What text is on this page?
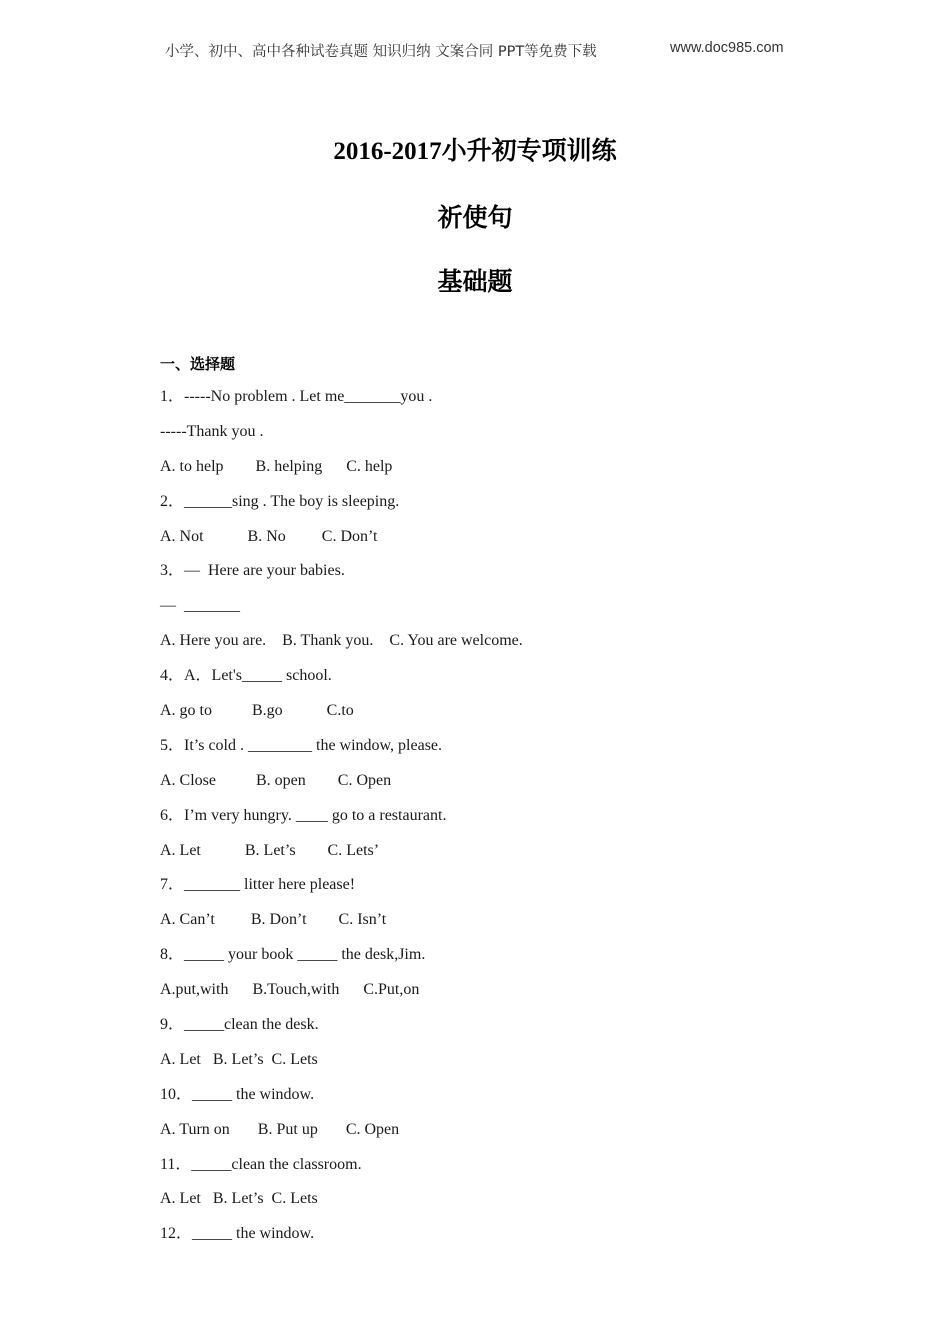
小学、初中、高中各种试卷真题 知识归纳 文案合同 PPT等免费下载	www.doc985.com
2016-2017小升初专项训练
祈使句
基础题
一、选择题
1．-----No problem . Let me_______you .
-----Thank you .
A. to help        B. helping      C. help
2．______sing . The boy is sleeping.
A. Not           B. No         C. Don’t
3．—  Here are your babies.
—  _______
A. Here you are.    B. Thank you.    C. You are welcome.
4．A．Let's_____ school.
A. go to          B.go           C.to
5．It’s cold . ________ the window, please.
A. Close          B. open        C. Open
6．I’m very hungry. ____ go to a restaurant.
A. Let           B. Let’s        C. Lets’
7．_______ litter here please!
A. Can’t         B. Don’t        C. Isn’t
8．_____ your book _____ the desk,Jim.
A.put,with      B.Touch,with      C.Put,on
9．_____clean the desk.
A. Let   B. Let’s  C. Lets
10．_____ the window.
A. Turn on       B. Put up       C. Open
11．_____clean the classroom.
A. Let   B. Let’s  C. Lets
12．_____ the window.
